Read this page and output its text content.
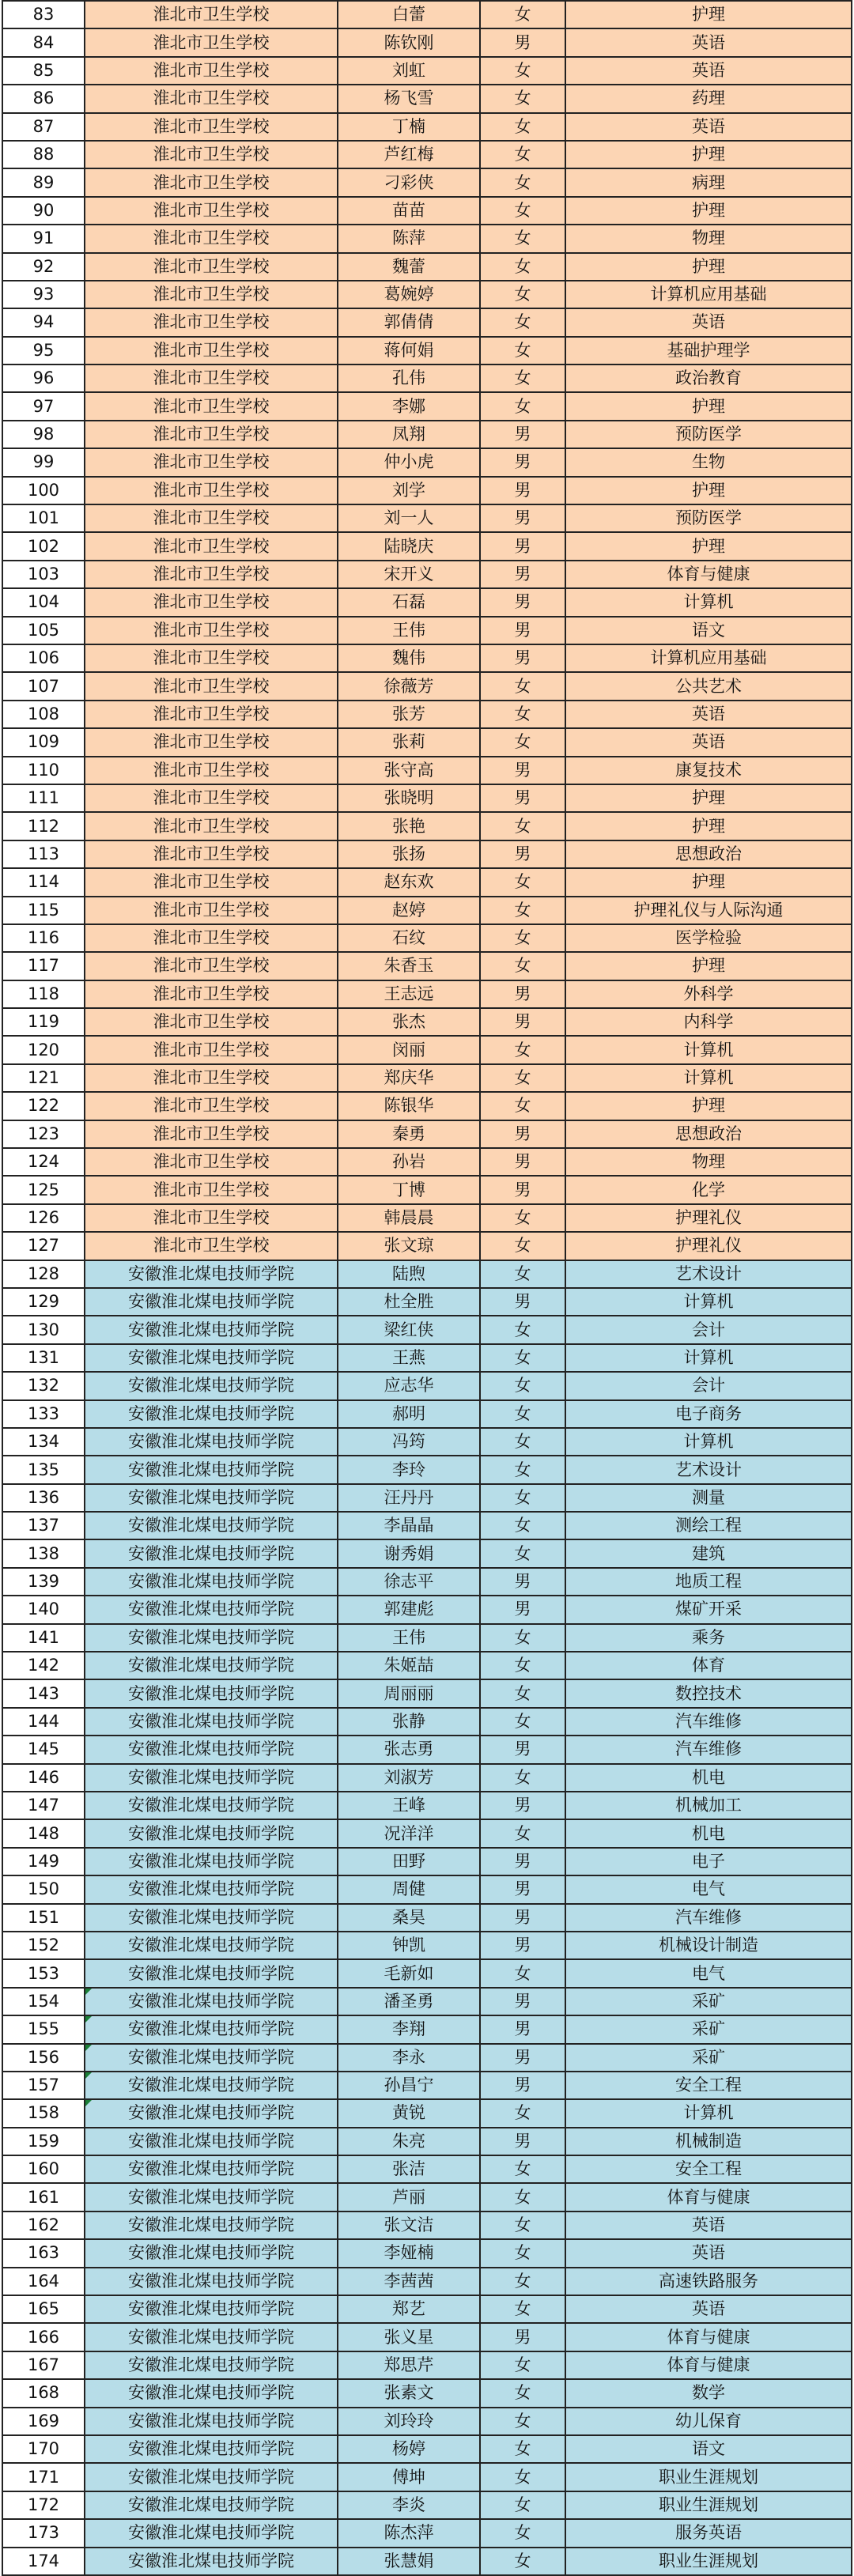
83	淮北市卫生学校	白蕾	女	护理
84	淮北市卫生学校	陈钦刚	男	英语
85	淮北市卫生学校	刘虹	女	英语
86	淮北市卫生学校	杨飞雪	女	药理
87	淮北市卫生学校	丁楠	女	英语
88	淮北市卫生学校	芦红梅	女	护理
89	淮北市卫生学校	刁彩侠	女	病理
90	淮北市卫生学校	苗苗	女	护理
91	淮北市卫生学校	陈萍	女	物理
92	淮北市卫生学校	魏蕾	女	护理
93	淮北市卫生学校	葛婉婷	女	计算机应用基础
94	淮北市卫生学校	郭倩倩	女	英语
95	淮北市卫生学校	蒋何娟	女	基础护理学
96	淮北市卫生学校	孔伟	女	政治教育
97	淮北市卫生学校	李娜	女	护理
98	淮北市卫生学校	凤翔	男	预防医学
99	淮北市卫生学校	仲小虎	男	生物
100	淮北市卫生学校	刘学	男	护理
101	淮北市卫生学校	刘一人	男	预防医学
102	淮北市卫生学校	陆晓庆	男	护理
103	淮北市卫生学校	宋开义	男	体育与健康
104	淮北市卫生学校	石磊	男	计算机
105	淮北市卫生学校	王伟	男	语文
106	淮北市卫生学校	魏伟	男	计算机应用基础
107	淮北市卫生学校	徐薇芳	女	公共艺术
108	淮北市卫生学校	张芳	女	英语
109	淮北市卫生学校	张莉	女	英语
110	淮北市卫生学校	张守高	男	康复技术
111	淮北市卫生学校	张晓明	男	护理
112	淮北市卫生学校	张艳	女	护理
113	淮北市卫生学校	张扬	男	思想政治
114	淮北市卫生学校	赵东欢	女	护理
115	淮北市卫生学校	赵婷	女	护理礼仪与人际沟通
116	淮北市卫生学校	石纹	女	医学检验
117	淮北市卫生学校	朱香玉	女	护理
118	淮北市卫生学校	王志远	男	外科学
119	淮北市卫生学校	张杰	男	内科学
120	淮北市卫生学校	闵丽	女	计算机
121	淮北市卫生学校	郑庆华	女	计算机
122	淮北市卫生学校	陈银华	女	护理
123	淮北市卫生学校	秦勇	男	思想政治
124	淮北市卫生学校	孙岩	男	物理
125	淮北市卫生学校	丁博	男	化学
126	淮北市卫生学校	韩晨晨	女	护理礼仪
127	淮北市卫生学校	张文琼	女	护理礼仪
128	安徽淮北煤电技师学院	陆煦	女	艺术设计
129	安徽淮北煤电技师学院	杜全胜	男	计算机
130	安徽淮北煤电技师学院	梁红侠	女	会计
131	安徽淮北煤电技师学院	王燕	女	计算机
132	安徽淮北煤电技师学院	应志华	女	会计
133	安徽淮北煤电技师学院	郝明	女	电子商务
134	安徽淮北煤电技师学院	冯筠	女	计算机
135	安徽淮北煤电技师学院	李玲	女	艺术设计
136	安徽淮北煤电技师学院	汪丹丹	女	测量
137	安徽淮北煤电技师学院	李晶晶	女	测绘工程
138	安徽淮北煤电技师学院	谢秀娟	女	建筑
139	安徽淮北煤电技师学院	徐志平	男	地质工程
140	安徽淮北煤电技师学院	郭建彪	男	煤矿开采
141	安徽淮北煤电技师学院	王伟	女	乘务
142	安徽淮北煤电技师学院	朱姬喆	女	体育
143	安徽淮北煤电技师学院	周丽丽	女	数控技术
144	安徽淮北煤电技师学院	张静	女	汽车维修
145	安徽淮北煤电技师学院	张志勇	男	汽车维修
146	安徽淮北煤电技师学院	刘淑芳	女	机电
147	安徽淮北煤电技师学院	王峰	男	机械加工
148	安徽淮北煤电技师学院	况洋洋	女	机电
149	安徽淮北煤电技师学院	田野	男	电子
150	安徽淮北煤电技师学院	周健	男	电气
151	安徽淮北煤电技师学院	桑昊	男	汽车维修
152	安徽淮北煤电技师学院	钟凯	男	机械设计制造
153	安徽淮北煤电技师学院	毛新如	女	电气
154	安徽淮北煤电技师学院	潘圣勇	男	采矿
155	安徽淮北煤电技师学院	李翔	男	采矿
156	安徽淮北煤电技师学院	李永	男	采矿
157	安徽淮北煤电技师学院	孙昌宁	男	安全工程
158	安徽淮北煤电技师学院	黄锐	女	计算机
159	安徽淮北煤电技师学院	朱亮	男	机械制造
160	安徽淮北煤电技师学院	张洁	女	安全工程
161	安徽淮北煤电技师学院	芦丽	女	体育与健康
162	安徽淮北煤电技师学院	张文洁	女	英语
163	安徽淮北煤电技师学院	李娅楠	女	英语
164	安徽淮北煤电技师学院	李茜茜	女	高速铁路服务
165	安徽淮北煤电技师学院	郑艺	女	英语
166	安徽淮北煤电技师学院	张义星	男	体育与健康
167	安徽淮北煤电技师学院	郑思芹	女	体育与健康
168	安徽淮北煤电技师学院	张素文	女	数学
169	安徽淮北煤电技师学院	刘玲玲	女	幼儿保育
170	安徽淮北煤电技师学院	杨婷	女	语文
171	安徽淮北煤电技师学院	傅坤	女	职业生涯规划
172	安徽淮北煤电技师学院	李炎	女	职业生涯规划
173	安徽淮北煤电技师学院	陈杰萍	女	服务英语
174	安徽淮北煤电技师学院	张慧娟	女	职业生涯规划
